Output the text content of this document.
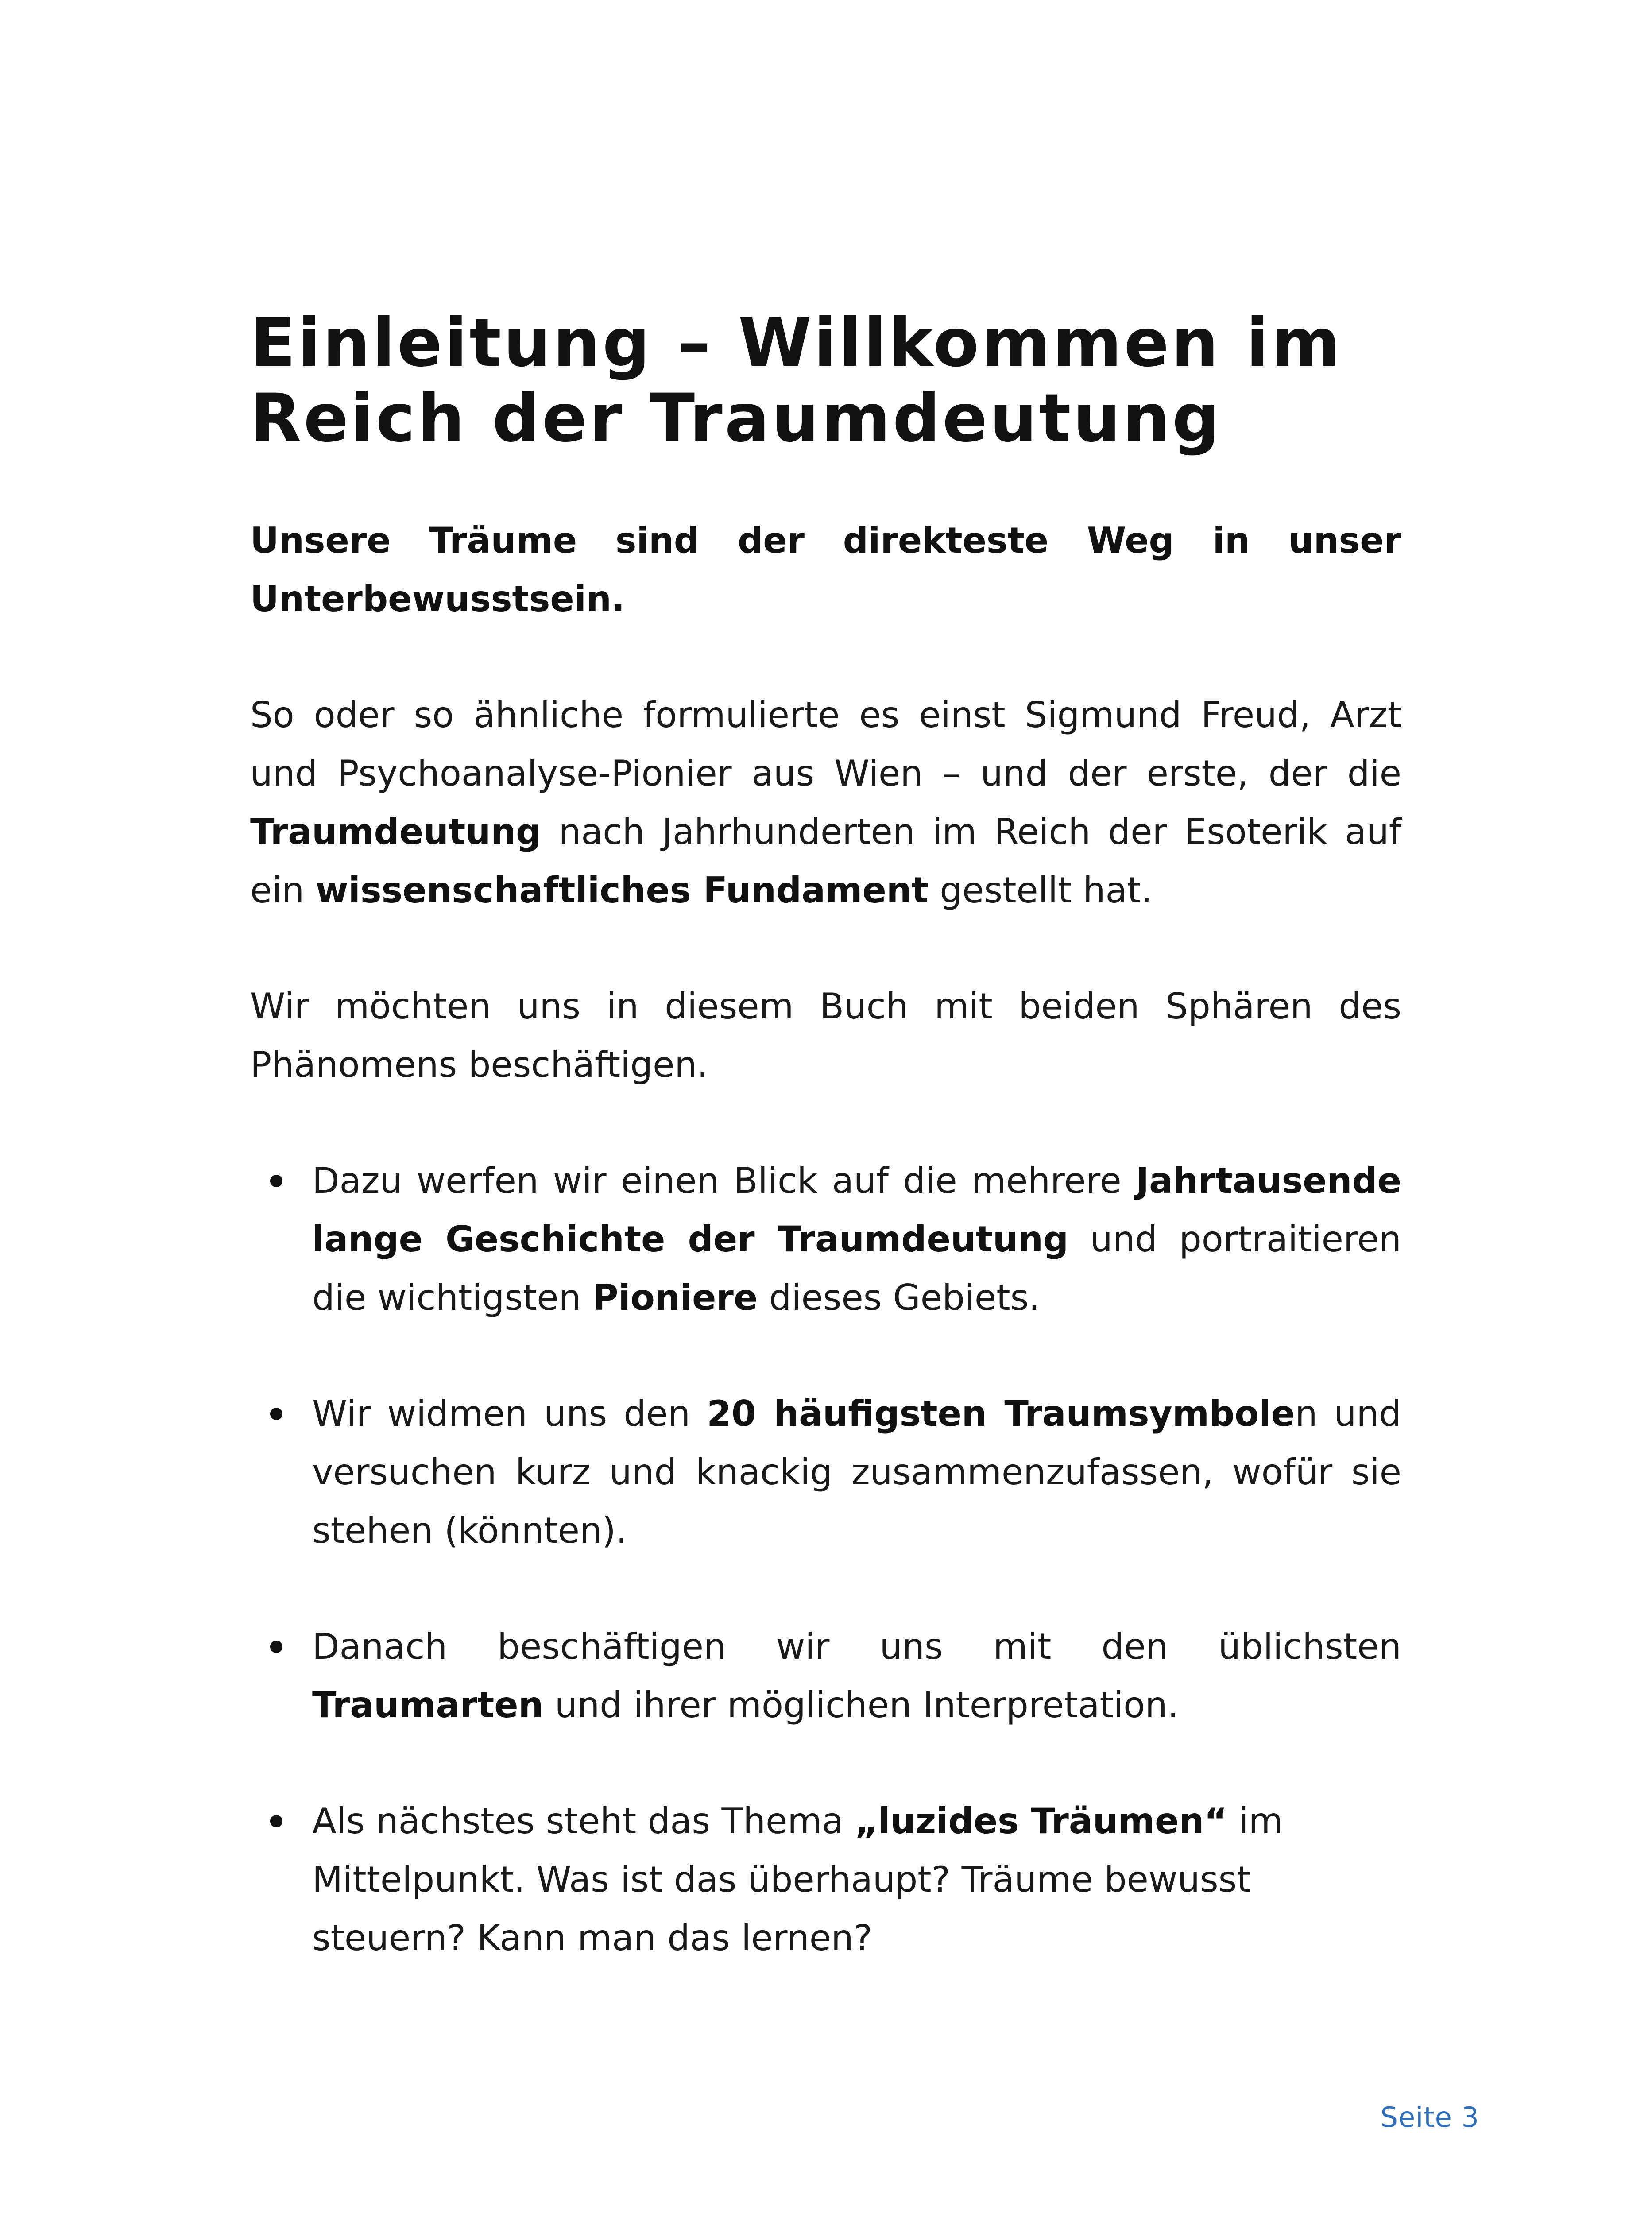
Einleitung – Willkommen im
Reich der Traumdeutung

Unsere Träume sind der direkteste Weg in unser Unterbewusstsein.

So oder so ähnliche formulierte es einst Sigmund Freud, Arzt und Psychoanalyse-Pionier aus Wien – und der erste, der die Traumdeutung nach Jahrhunderten im Reich der Esoterik auf ein wissenschaftliches Fundament gestellt hat.

Wir möchten uns in diesem Buch mit beiden Sphären des Phänomens beschäftigen.

Dazu werfen wir einen Blick auf die mehrere Jahrtausende lange Geschichte der Traumdeutung und portraitieren die wichtigsten Pioniere dieses Gebiets.
Wir widmen uns den 20 häufigsten Traumsymbolen und versuchen kurz und knackig zusammenzufassen, wofür sie stehen (könnten).
Danach beschäftigen wir uns mit den üblichsten Traumarten und ihrer möglichen Interpretation.
Als nächstes steht das Thema „luzides Träumen“ im Mittelpunkt. Was ist das überhaupt? Träume bewusst steuern? Kann man das lernen?
Seite 3
